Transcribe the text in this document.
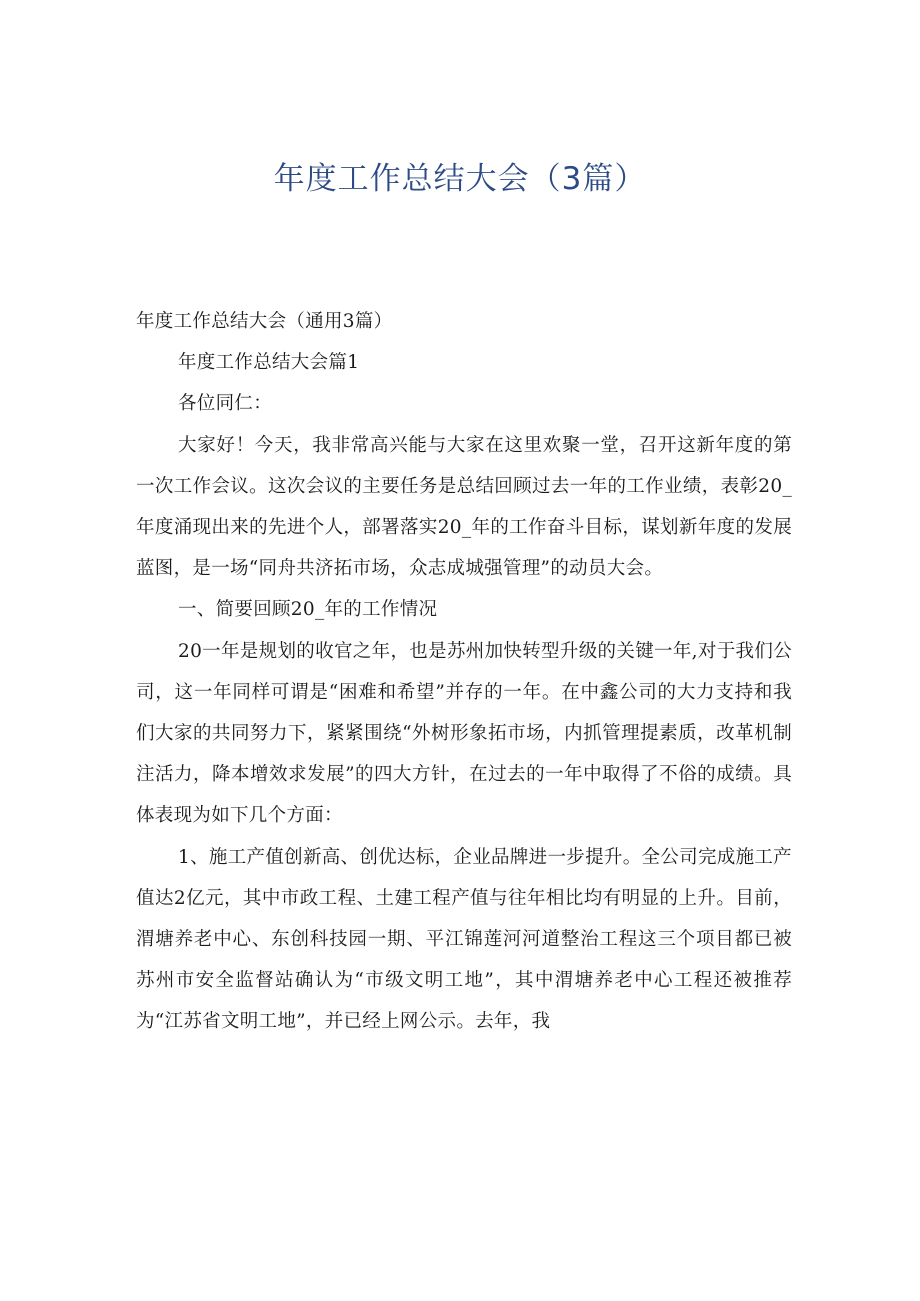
年度工作总结大会（3篇）

年度工作总结大会（通用3篇）

年度工作总结大会篇1

各位同仁：

大家好！今天，我非常高兴能与大家在这里欢聚一堂，召开这新年度的第一次工作会议。这次会议的主要任务是总结回顾过去一年的工作业绩，表彰20_年度涌现出来的先进个人，部署落实20_年的工作奋斗目标，谋划新年度的发展蓝图，是一场“同舟共济拓市场，众志成城强管理”的动员大会。

一、简要回顾20_年的工作情况

20一年是规划的收官之年，也是苏州加快转型升级的关键一年,对于我们公司，这一年同样可谓是“困难和希望”并存的一年。在中鑫公司的大力支持和我们大家的共同努力下，紧紧围绕“外树形象拓市场，内抓管理提素质，改革机制注活力，降本增效求发展”的四大方针，在过去的一年中取得了不俗的成绩。具体表现为如下几个方面：

1、施工产值创新高、创优达标，企业品牌进一步提升。全公司完成施工产值达2亿元，其中市政工程、土建工程产值与往年相比均有明显的上升。目前，渭塘养老中心、东创科技园一期、平江锦莲河河道整治工程这三个项目都已被苏州市安全监督站确认为“市级文明工地”，其中渭塘养老中心工程还被推荐为“江苏省文明工地”，并已经上网公示。去年，我
